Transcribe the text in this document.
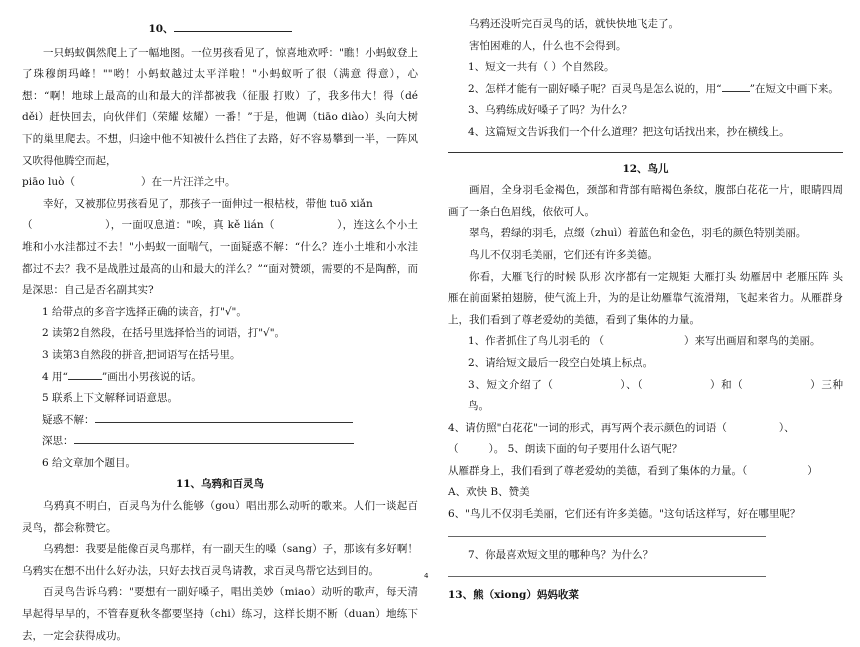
10、

一只蚂蚁偶然爬上了一幅地图。一位男孩看见了，惊喜地欢呼："瞧！小蚂蚁登上了珠穆朗玛峰！""哟！小蚂蚁越过太平洋啦！"小蚂蚁听了很（满意 得意），心想：“啊！地球上最高的山和最大的洋都被我（征服 打败）了，我多伟大！得（dé děi）赶快回去，向伙伴们（荣耀 炫耀）一番！”于是，他调（tiāo diào）头向大树下的巢里爬去。不想，归途中他不知被什么挡住了去路，好不容易攀到一半，一阵风又吹得他腾空而起，
piāo luò（	）在一片汪洋之中。

幸好，又被那位男孩看见了，那孩子一面伸过一根枯枝，带他 tuō xiǎn
（	），一面叹息道："唉，真 kě lián（	），连这么个小土堆和小水洼都过不去！"小蚂蚁一面喘气，一面疑惑不解：“什么？连小土堆和小水洼都过不去？我不是战胜过最高的山和最大的洋么？”“面对赞颂，需要的不是陶醉，而是深思：自己是否名副其实?

1 给带点的多音字选择正确的读音，打"√"。

2 读第2自然段，在括号里选择恰当的词语，打"√"。

3 读第3自然段的拼音,把词语写在括号里。

4 用“	”画出小男孩说的话。

5 联系上下文解释词语意思。

疑惑不解：

深思：

6 给文章加个题目。

11、乌鸦和百灵鸟

乌鸦真不明白，百灵鸟为什么能够（gou）唱出那么动听的歌来。人们一谈起百灵鸟，都会称赞它。

乌鸦想：我要是能像百灵鸟那样，有一副天生的嗓（sang）子，那该有多好啊！ 乌鸦实在想不出什么好办法，只好去找百灵鸟请教，求百灵鸟帮它达到目的。

百灵鸟告诉乌鸦："要想有一副好嗓子，唱出美妙（miao）动听的歌声，每天清早起得早早的，不管春夏秋冬都要坚持（chi）练习，这样长期不断（duan）地练下去，一定会获得成功。

乌鸦还没听完百灵鸟的话，就快快地飞走了。

害怕困难的人，什么也不会得到。

1、短文一共有（ ）个自然段。

2、怎样才能有一副好嗓子呢？百灵鸟是怎么说的，用“	”在短文中画下来。

3、乌鸦练成好嗓子了吗？为什么？

4、这篇短文告诉我们一个什么道理？把这句话找出来，抄在横线上。

12、鸟儿

画眉，全身羽毛金褐色，颈部和背部有暗褐色条纹，腹部白花花一片，眼睛四周画了一条白色眉线，依依可人。

翠鸟，碧绿的羽毛，点缀（zhuì）着蓝色和金色，羽毛的颜色特别美丽。

鸟儿不仅羽毛美丽，它们还有许多美德。

你看，大雁飞行的时候 队形 次序都有一定规矩 大雁打头 幼雁居中 老雁压阵 头雁在前面紧拍翅膀，使气流上升，为的是让幼雁靠气流滑翔，飞起来省力。从雁群身上，我们看到了尊老爱幼的美德，看到了集体的力量。

1、作者抓住了鸟儿羽毛的 （	）来写出画眉和翠鸟的美丽。

2、请给短文最后一段空白处填上标点。

3、短文介绍了（	）、（	）和（	）三种鸟。

4、请仿照"白花花"一词的形式，再写两个表示颜色的词语（	）、
（	）。 5、朗读下面的句子要用什么语气呢？

从雁群身上，我们看到了尊老爱幼的美德，看到了集体的力量。（	）

A、欢快 B、赞美

6、"鸟儿不仅羽毛美丽，它们还有许多美德。"这句话这样写，好在哪里呢？

7、你最喜欢短文里的哪种鸟？为什么？

13、熊（xiong）妈妈收菜

4
